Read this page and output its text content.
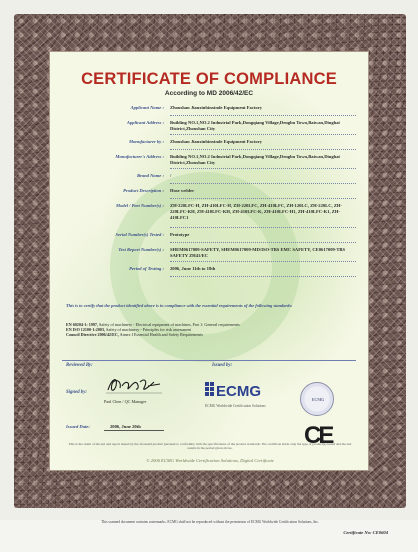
CERTIFICATE OF COMPLIANCE
According to MD 2006/42/EC
Applicant Name :	Zhoushan Jianxinbinxinde Equipment Factory
Applicant Address :	Building NO.1,NO.2 Industrial Park,Dongqiang Village,Dengbu Town,Baiwan,Dinghai District,Zhoushan City
Manufacturer by :	Zhoushan Jianxinbinxinde Equipment Factory
Manufacturer's Address :	Building NO.1,NO.2 Industrial Park,Dongqiang Village,Dengbu Town,Baiwan,Dinghai District,Zhoushan City
Brand Name :	/
Product Description :	Hose welder
Model / Part Number(s) :	ZH-220LFC-H, ZH-410LFC-H, ZH-220LFC, ZH-410LFC, ZH-120LC, ZH-220LC, ZH-220LFC-KH, ZH-410LFC-KH, ZH-410LFC-K, ZH-410LFC-H1, ZH-410LFC-K1, ZH-410LFC1
Serial Number(s) Tested :	Prototype
Test Report Number(s) :	SHEM0617009-SAFETY, SHEM0617009-MD/ISO-TBS EMC SAFETY, CE0617009-TBS SAFETY ZH41/EC
Period of Testing :	2006, June 11th to 18th
This is to certify that the product identified above is in compliance with the essential requirements of the following standards:
EN 60204-1: 1997, Safety of machinery - Electrical equipment of machines, Part 1: General requirements
EN ISO 12100-1:2003, Safety of machinery - Principles for risk assessment
Council Directive 2006/42/EC, Annex I Essential Health and Safety Requirements
Reviewed By:	Issued by:
Signed by:
Paul Chen / QC Manager
ECMG
ECMG Worldwide Certification Solutions
ECMG
Issued Date:	2006, June 20th	CE
This is the result of the test and report issued by the aforesaid product pursuant to conformity with the specifications of the product standards. The certificate holds only the type of product(s) tested and the test results in the period given above.
© 2006 ECMG Worldwide Certification Solutions, Digital Certificate
This scanned document contains watermarks. ECMG shall not be reproduced without the permission of ECMG Worldwide Certification Solutions, Inc.
Certificate No: CE0604
